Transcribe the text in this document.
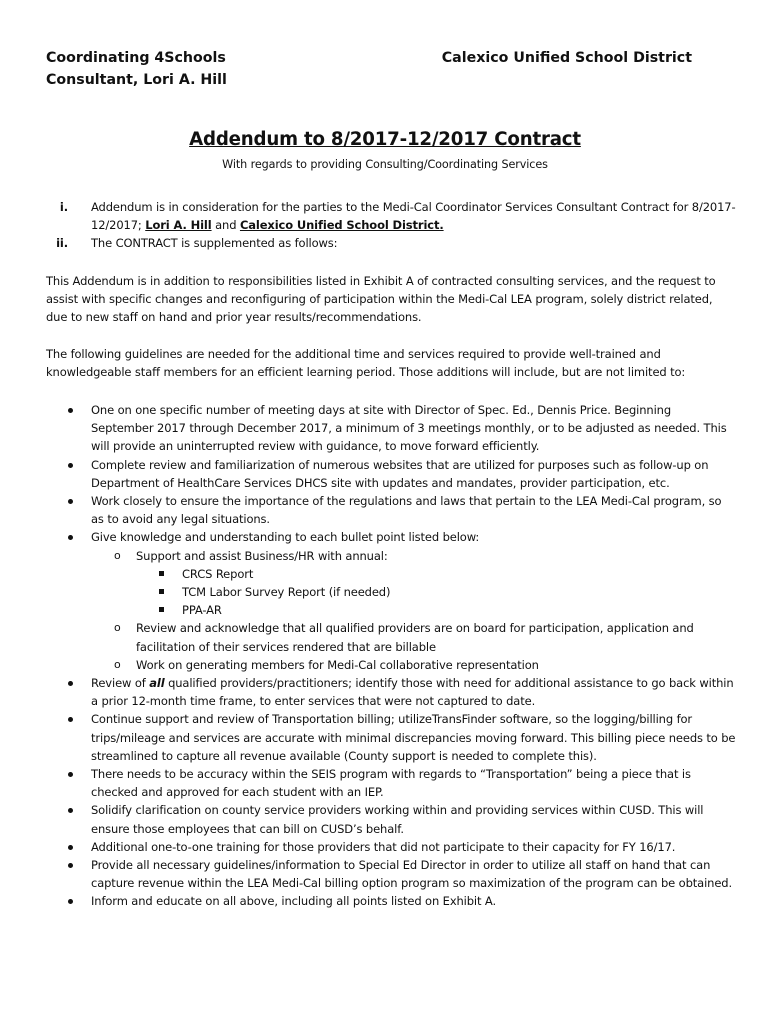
Coordinating 4Schools
Consultant, Lori A. Hill
Calexico Unified School District
Addendum to 8/2017-12/2017 Contract
With regards to providing Consulting/Coordinating Services
i. Addendum is in consideration for the parties to the Medi-Cal Coordinator Services Consultant Contract for 8/2017-12/2017; Lori A. Hill and Calexico Unified School District.
ii. The CONTRACT is supplemented as follows:
This Addendum is in addition to responsibilities listed in Exhibit A of contracted consulting services, and the request to assist with specific changes and reconfiguring of participation within the Medi-Cal LEA program, solely district related, due to new staff on hand and prior year results/recommendations.
The following guidelines are needed for the additional time and services required to provide well-trained and knowledgeable staff members for an efficient learning period. Those additions will include, but are not limited to:
One on one specific number of meeting days at site with Director of Spec. Ed., Dennis Price. Beginning September 2017 through December 2017, a minimum of 3 meetings monthly, or to be adjusted as needed. This will provide an uninterrupted review with guidance, to move forward efficiently.
Complete review and familiarization of numerous websites that are utilized for purposes such as follow-up on Department of HealthCare Services DHCS site with updates and mandates, provider participation, etc.
Work closely to ensure the importance of the regulations and laws that pertain to the LEA Medi-Cal program, so as to avoid any legal situations.
Give knowledge and understanding to each bullet point listed below:
o Support and assist Business/HR with annual:
CRCS Report
TCM Labor Survey Report (if needed)
PPA-AR
o Review and acknowledge that all qualified providers are on board for participation, application and facilitation of their services rendered that are billable
o Work on generating members for Medi-Cal collaborative representation
Review of all qualified providers/practitioners; identify those with need for additional assistance to go back within a prior 12-month time frame, to enter services that were not captured to date.
Continue support and review of Transportation billing; utilizeTransFinder software, so the logging/billing for trips/mileage and services are accurate with minimal discrepancies moving forward. This billing piece needs to be streamlined to capture all revenue available (County support is needed to complete this).
There needs to be accuracy within the SEIS program with regards to “Transportation” being a piece that is checked and approved for each student with an IEP.
Solidify clarification on county service providers working within and providing services within CUSD. This will ensure those employees that can bill on CUSD’s behalf.
Additional one-to-one training for those providers that did not participate to their capacity for FY 16/17.
Provide all necessary guidelines/information to Special Ed Director in order to utilize all staff on hand that can capture revenue within the LEA Medi-Cal billing option program so maximization of the program can be obtained.
Inform and educate on all above, including all points listed on Exhibit A.
